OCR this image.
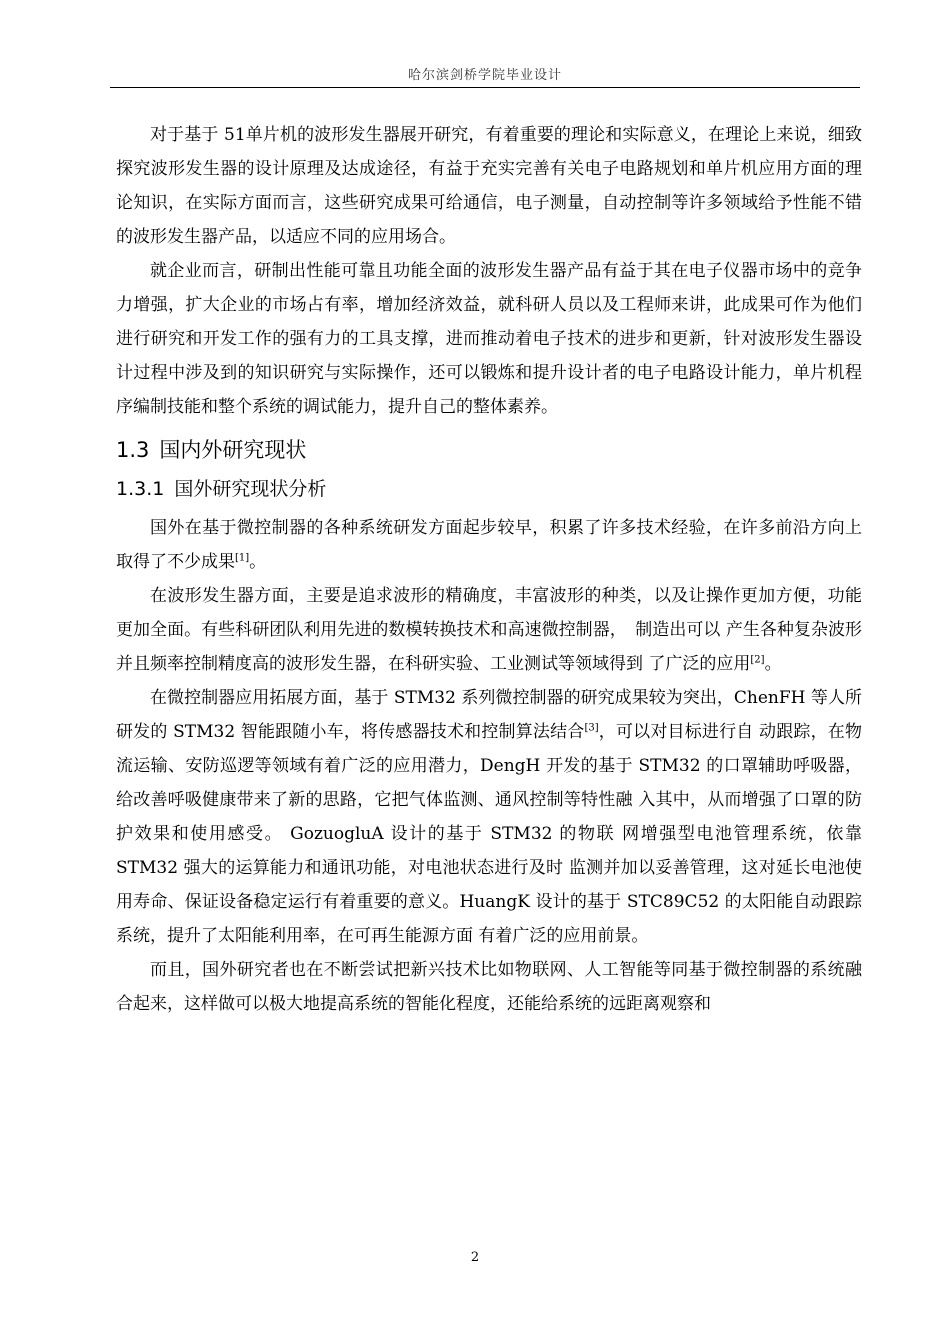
哈尔滨剑桥学院毕业设计

对于基于 51单片机的波形发生器展开研究，有着重要的理论和实际意义，在理论上来说，细致探究波形发生器的设计原理及达成途径，有益于充实完善有关电子电路规划和单片机应用方面的理论知识，在实际方面而言，这些研究成果可给通信，电子测量，自动控制等许多领域给予性能不错的波形发生器产品，以适应不同的应用场合。

就企业而言，研制出性能可靠且功能全面的波形发生器产品有益于其在电子仪器市场中的竞争力增强，扩大企业的市场占有率，增加经济效益，就科研人员以及工程师来讲，此成果可作为他们进行研究和开发工作的强有力的工具支撑，进而推动着电子技术的进步和更新，针对波形发生器设计过程中涉及到的知识研究与实际操作，还可以锻炼和提升设计者的电子电路设计能力，单片机程序编制技能和整个系统的调试能力，提升自己的整体素养。

1.3 国内外研究现状
1.3.1 国外研究现状分析

国外在基于微控制器的各种系统研发方面起步较早，积累了许多技术经验，在许多前沿方向上取得了不少成果[1]。

在波形发生器方面，主要是追求波形的精确度，丰富波形的种类，以及让操作更加方便，功能更加全面。有些科研团队利用先进的数模转换技术和高速微控制器，　制造出可以 产生各种复杂波形并且频率控制精度高的波形发生器，在科研实验、工业测试等领域得到 了广泛的应用[2]。

在微控制器应用拓展方面，基于 STM32 系列微控制器的研究成果较为突出，ChenFH 等人所研发的 STM32 智能跟随小车，将传感器技术和控制算法结合[3]，可以对目标进行自 动跟踪，在物流运输、安防巡逻等领域有着广泛的应用潜力，DengH 开发的基于 STM32 的口罩辅助呼吸器，给改善呼吸健康带来了新的思路，它把气体监测、通风控制等特性融 入其中，从而增强了口罩的防护效果和使用感受。 GozuogluA 设计的基于 STM32 的物联 网增强型电池管理系统，依靠 STM32 强大的运算能力和通讯功能，对电池状态进行及时 监测并加以妥善管理，这对延长电池使用寿命、保证设备稳定运行有着重要的意义。HuangK 设计的基于 STC89C52 的太阳能自动跟踪系统，提升了太阳能利用率，在可再生能源方面 有着广泛的应用前景。

而且，国外研究者也在不断尝试把新兴技术比如物联网、人工智能等同基于微控制器的系统融合起来，这样做可以极大地提高系统的智能化程度，还能给系统的远距离观察和

2
